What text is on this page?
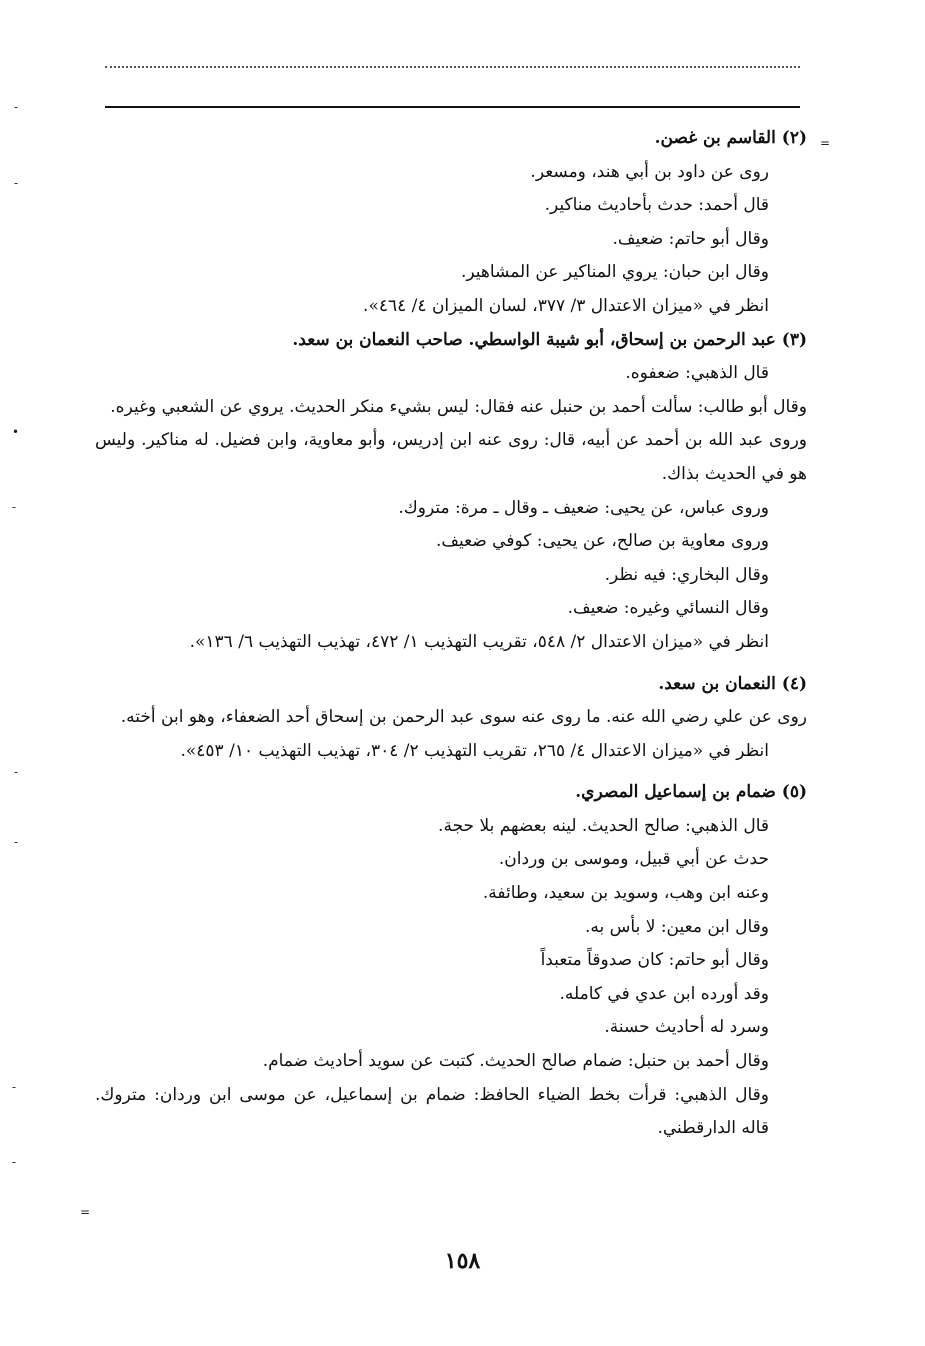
(٢) القاسم بن غصن.
روى عن داود بن أبي هند، ومسعر.
قال أحمد: حدث بأحاديث مناكير.
وقال أبو حاتم: ضعيف.
وقال ابن حبان: يروي المناكير عن المشاهير.
انظر في «ميزان الاعتدال ٣/ ٣٧٧، لسان الميزان ٤/ ٤٦٤».
(٣) عبد الرحمن بن إسحاق، أبو شيبة الواسطي. صاحب النعمان بن سعد.
قال الذهبي: ضعفوه.
وقال أبو طالب: سألت أحمد بن حنبل عنه فقال: ليس بشيء منكر الحديث. يروي عن الشعبي وغيره.
وروى عبد الله بن أحمد عن أبيه، قال: روى عنه ابن إدريس، وأبو معاوية، وابن فضيل. له مناكير. وليس هو في الحديث بذاك.
وروى عباس، عن يحيى: ضعيف ـ وقال ـ مرة: متروك.
وروى معاوية بن صالح، عن يحيى: كوفي ضعيف.
وقال البخاري: فيه نظر.
وقال النسائي وغيره: ضعيف.
انظر في «ميزان الاعتدال ٢/ ٥٤٨، تقريب التهذيب ١/ ٤٧٢، تهذيب التهذيب ٦/ ١٣٦».
(٤) النعمان بن سعد.
روى عن علي رضي الله عنه. ما روى عنه سوى عبد الرحمن بن إسحاق أحد الضعفاء، وهو ابن أخته.
انظر في «ميزان الاعتدال ٤/ ٢٦٥، تقريب التهذيب ٢/ ٣٠٤، تهذيب التهذيب ١٠/ ٤٥٣».
(٥) ضمام بن إسماعيل المصري.
قال الذهبي: صالح الحديث. لينه بعضهم بلا حجة.
حدث عن أبي قبيل، وموسى بن وردان.
وعنه ابن وهب، وسويد بن سعيد، وطائفة.
وقال ابن معين: لا بأس به.
وقال أبو حاتم: كان صدوقاً متعبداً
وقد أورده ابن عدي في كامله.
وسرد له أحاديث حسنة.
وقال أحمد بن حنبل: ضمام صالح الحديث. كتبت عن سويد أحاديث ضمام.
وقال الذهبي: قرأت بخط الضياء الحافظ: ضمام بن إسماعيل، عن موسى ابن وردان: متروك. قاله الدارقطني.
١٥٨
=
=
-
-
•
-
-
-
-
-
